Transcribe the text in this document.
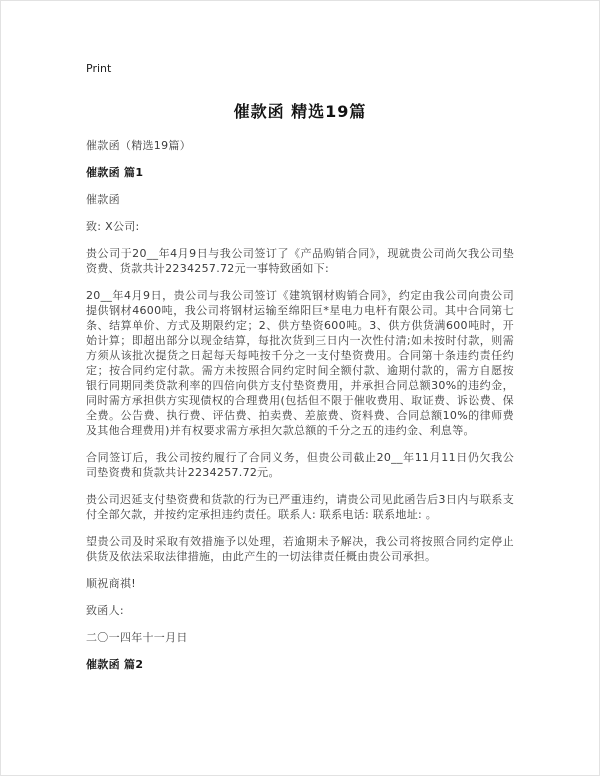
Print
催款函 精选19篇

催款函（精选19篇）

催款函 篇1

催款函

致: X公司:

贵公司于20__年4月9日与我公司签订了《产品购销合同》，现就贵公司尚欠我公司垫资费、货款共计2234257.72元一事特致函如下:

20__年4月9日，贵公司与我公司签订《建筑钢材购销合同》，约定由我公司向贵公司提供钢材4600吨，我公司将钢材运输至绵阳巨*星电力电杆有限公司。其中合同第七条、结算单价、方式及期限约定；2、供方垫资600吨。3、供方供货满600吨时，开始计算；即超出部分以现金结算，每批次货到三日内一次性付清;如未按时付款，则需方须从该批次提货之日起每天每吨按千分之一支付垫资费用。合同第十条违约责任约定；按合同约定付款。需方未按照合同约定时间全额付款、逾期付款的，需方自愿按银行同期同类贷款利率的四倍向供方支付垫资费用，并承担合同总额30%的违约金，同时需方承担供方实现债权的合理费用(包括但不限于催收费用、取证费、诉讼费、保全费。公告费、执行费、评估费、拍卖费、差旅费、资料费、合同总额10%的律师费及其他合理费用)并有权要求需方承担欠款总额的千分之五的违约金、利息等。

合同签订后，我公司按约履行了合同义务，但贵公司截止20__年11月11日仍欠我公司垫资费和货款共计2234257.72元。

贵公司迟延支付垫资费和货款的行为已严重违约，请贵公司见此函告后3日内与联系支付全部欠款，并按约定承担违约责任。联系人: 联系电话: 联系地址: 。

望贵公司及时采取有效措施予以处理，若逾期未予解决，我公司将按照合同约定停止供货及依法采取法律措施，由此产生的一切法律责任概由贵公司承担。

顺祝商祺!

致函人:

二〇一四年十一月日

催款函 篇2
